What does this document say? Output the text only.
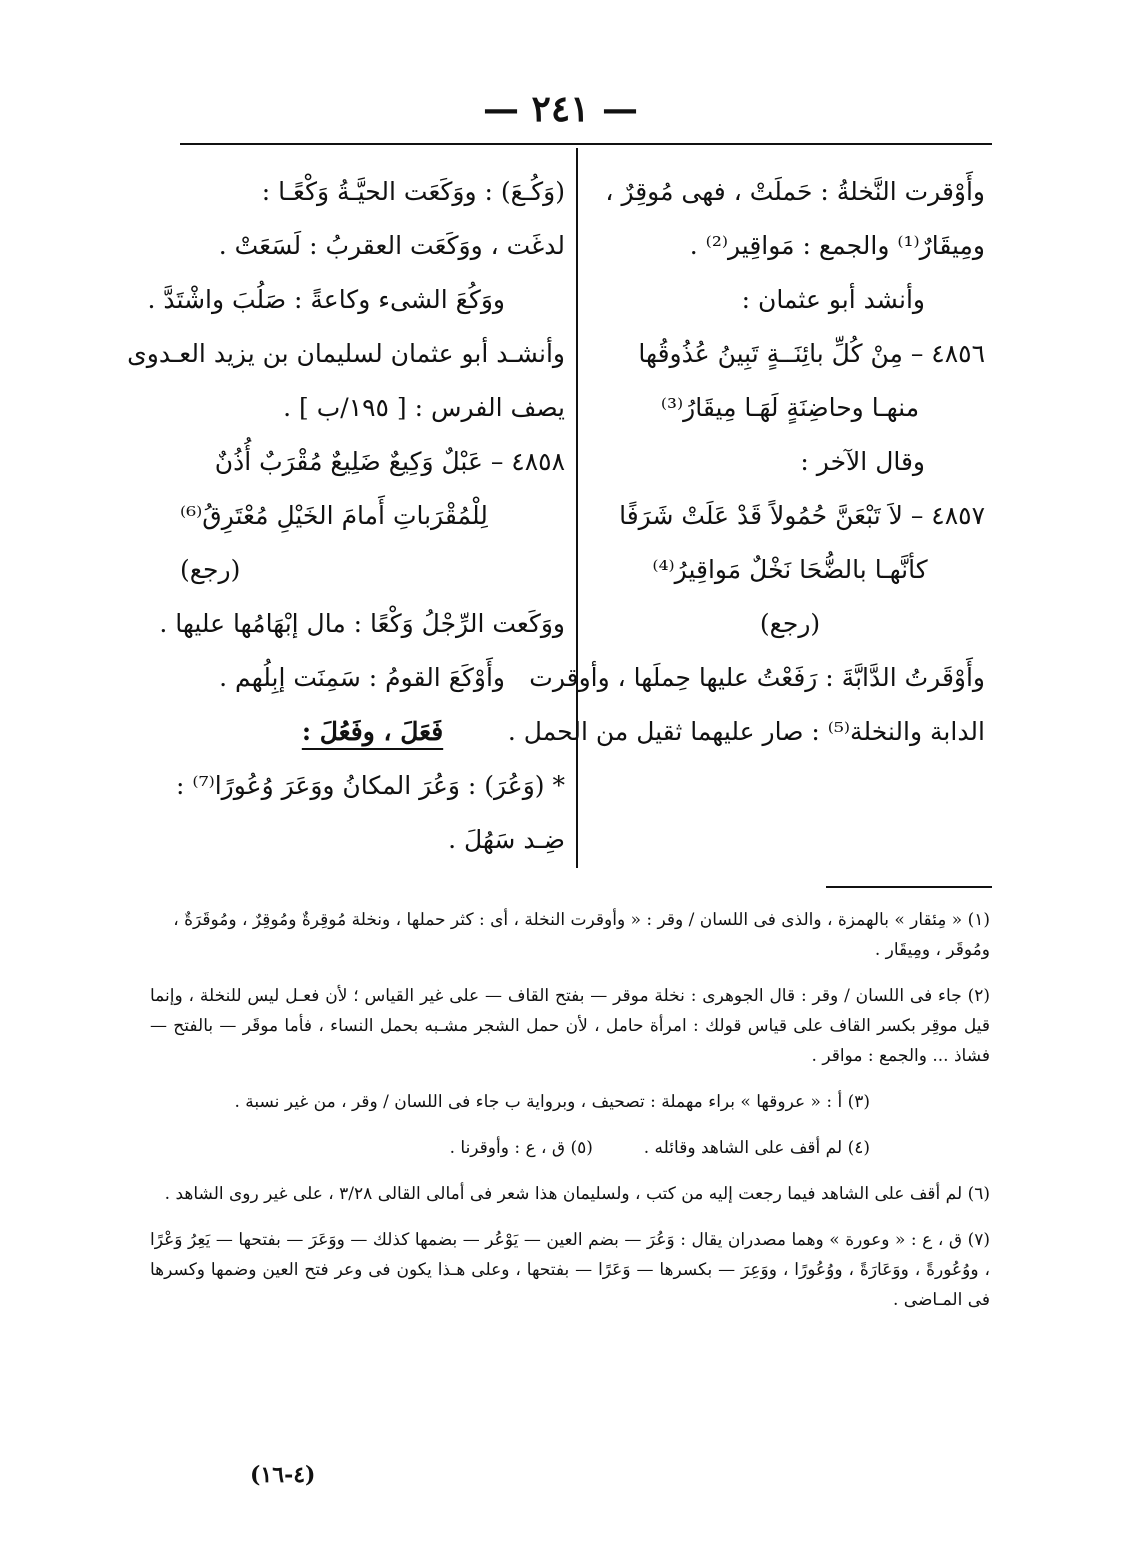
— ٢٤١ —
وأَوْقرت النَّخلةُ : حَملَتْ ، فهى مُوقِرٌ ،
ومِيقَارٌ⁽¹⁾ والجمع : مَواقِير⁽²⁾ .
وأنشد أبو عثمان :
٤٨٥٦ – مِنْ كُلِّ بائِنَــةٍ تَبِينُ عُذُوقُها
منهـا وحاضِنَةٍ لَهَـا مِيقَارُ⁽³⁾
وقال الآخر :
٤٨٥٧ – لاَ تَبْعَنَّ حُمُولاً قَدْ عَلَتْ شَرَفًا
كأنَّهـا بالضُّحَا نَخْلٌ مَواقِيرُ⁽⁴⁾
(رجع)
وأَوْقَرتُ الدَّابَّةَ : رَفَعْتُ عليها حِملَها ، وأوقرت
الدابة والنخلة⁽⁵⁾ : صار عليهما ثقيل من الحمل .
(وَكُـعَ) : ووَكَعَت الحيَّـةُ وَكْعًـا :
لدغَت ، ووَكَعَت العقربُ : لَسَعَتْ .
ووَكُعَ الشىء وكاعةً : صَلُبَ واشْتَدَّ .
وأنشـد أبو عثمان لسليمان بن يزيد العـدوى
يصف الفرس : [ ١٩٥/ب ] .
٤٨٥٨ – عَبْلٌ وَكِيعٌ ضَلِيعٌ مُقْرَبٌ أُذُنٌ
لِلْمُقْرَباتِ أَمامَ الخَيْلِ مُعْتَرِقُ⁽⁶⁾
(رجع)
ووَكَعت الرِّجْلُ وَكْعًا : مال إبْهَامُها عليها .
وأَوْكَعَ القومُ : سَمِنَت إبِلُهم .
فَعَلَ ، وفَعُلَ :
* (وَعُرَ) : وَعُرَ المكانُ ووَعَرَ وُعُورًا⁽⁷⁾ :
ضِـد سَهُلَ .
(١) « مِئقار » بالهمزة ، والذى فى اللسان / وقر : « وأوقرت النخلة ، أى : كثر حملها ، ونخلة مُوقِرةٌ ومُوقِرٌ ، ومُوقَرَةٌ ،
ومُوقَر ، ومِيقَار .
(٢) جاء فى اللسان / وقر : قال الجوهرى : نخلة موقر — بفتح القاف — على غير القياس ؛ لأن فعـل ليس للنخلة ، وإنما قيل موقِر بكسر القاف على قياس قولك : امرأة حامل ، لأن حمل الشجر مشـبه بحمل النساء ، فأما موقَر — بالفتح — فشاذ ... والجمع : مواقر .
(٣) أ : « عروقها » براء مهملة : تصحيف ، وبرواية ب جاء فى اللسان / وقر ، من غير نسبة .
(٤) لم أقف على الشاهد وقائله .  (٥) ق ، ع : وأوقرنا .
(٦) لم أقف على الشاهد فيما رجعت إليه من كتب ، ولسليمان هذا شعر فى أمالى القالى ٣/٢٨ ، على غير روى الشاهد .
(٧) ق ، ع : « وعورة » وهما مصدران يقال : وَعُرَ — بضم العين — يَوْعُر — بضمها كذلك — ووَعَرَ — بفتحها — يَعِرُ وَعْرًا ، ووُعُورةً ، ووَعَارَةً ، ووُعُورًا ، ووَعِرَ — بكسرها — وَعَرًا — بفتحها ، وعلى هـذا يكون فى وعر فتح العين وضمها وكسرها فى المـاضى .
(٤-١٦)
